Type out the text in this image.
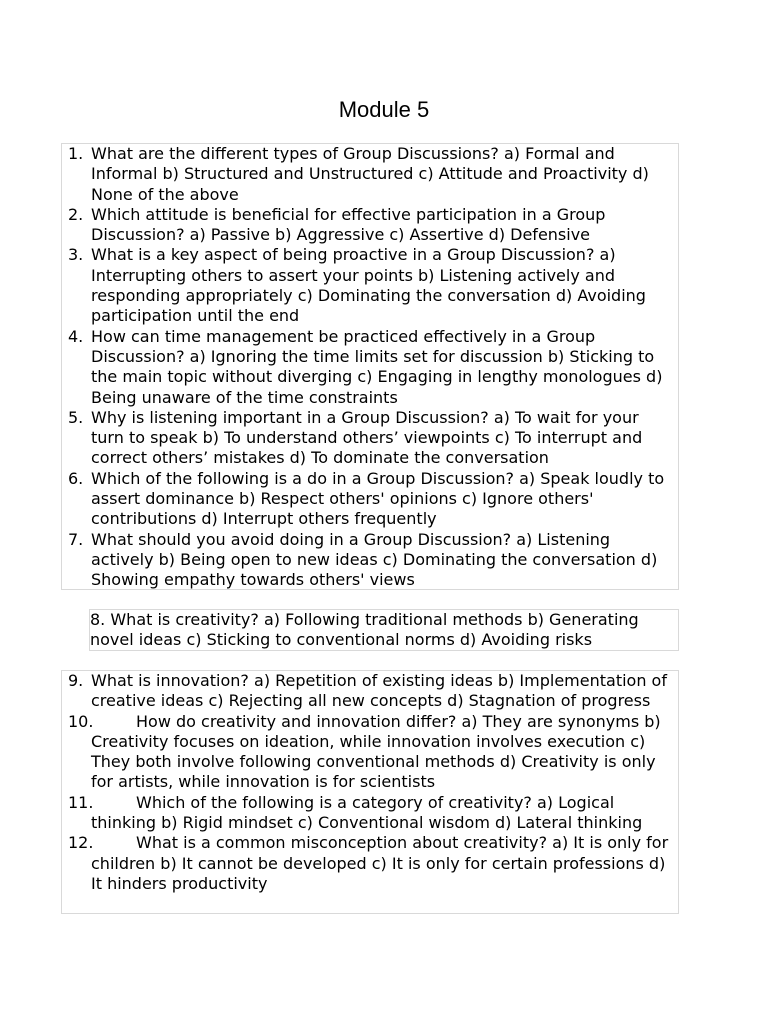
Module 5
1. What are the different types of Group Discussions? a) Formal and Informal b) Structured and Unstructured c) Attitude and Proactivity d) None of the above
2. Which attitude is beneficial for effective participation in a Group Discussion? a) Passive b) Aggressive c) Assertive d) Defensive
3. What is a key aspect of being proactive in a Group Discussion? a) Interrupting others to assert your points b) Listening actively and responding appropriately c) Dominating the conversation d) Avoiding participation until the end
4. How can time management be practiced effectively in a Group Discussion? a) Ignoring the time limits set for discussion b) Sticking to the main topic without diverging c) Engaging in lengthy monologues d) Being unaware of the time constraints
5. Why is listening important in a Group Discussion? a) To wait for your turn to speak b) To understand others’ viewpoints c) To interrupt and correct others’ mistakes d) To dominate the conversation
6. Which of the following is a do in a Group Discussion? a) Speak loudly to assert dominance b) Respect others' opinions c) Ignore others' contributions d) Interrupt others frequently
7. What should you avoid doing in a Group Discussion? a) Listening actively b) Being open to new ideas c) Dominating the conversation d) Showing empathy towards others' views
8. What is creativity? a) Following traditional methods b) Generating novel ideas c) Sticking to conventional norms d) Avoiding risks
9. What is innovation? a) Repetition of existing ideas b) Implementation of creative ideas c) Rejecting all new concepts d) Stagnation of progress
10.	How do creativity and innovation differ? a) They are synonyms b) Creativity focuses on ideation, while innovation involves execution c) They both involve following conventional methods d) Creativity is only for artists, while innovation is for scientists
11.	Which of the following is a category of creativity? a) Logical thinking b) Rigid mindset c) Conventional wisdom d) Lateral thinking
12.	What is a common misconception about creativity? a) It is only for children b) It cannot be developed c) It is only for certain professions d) It hinders productivity
